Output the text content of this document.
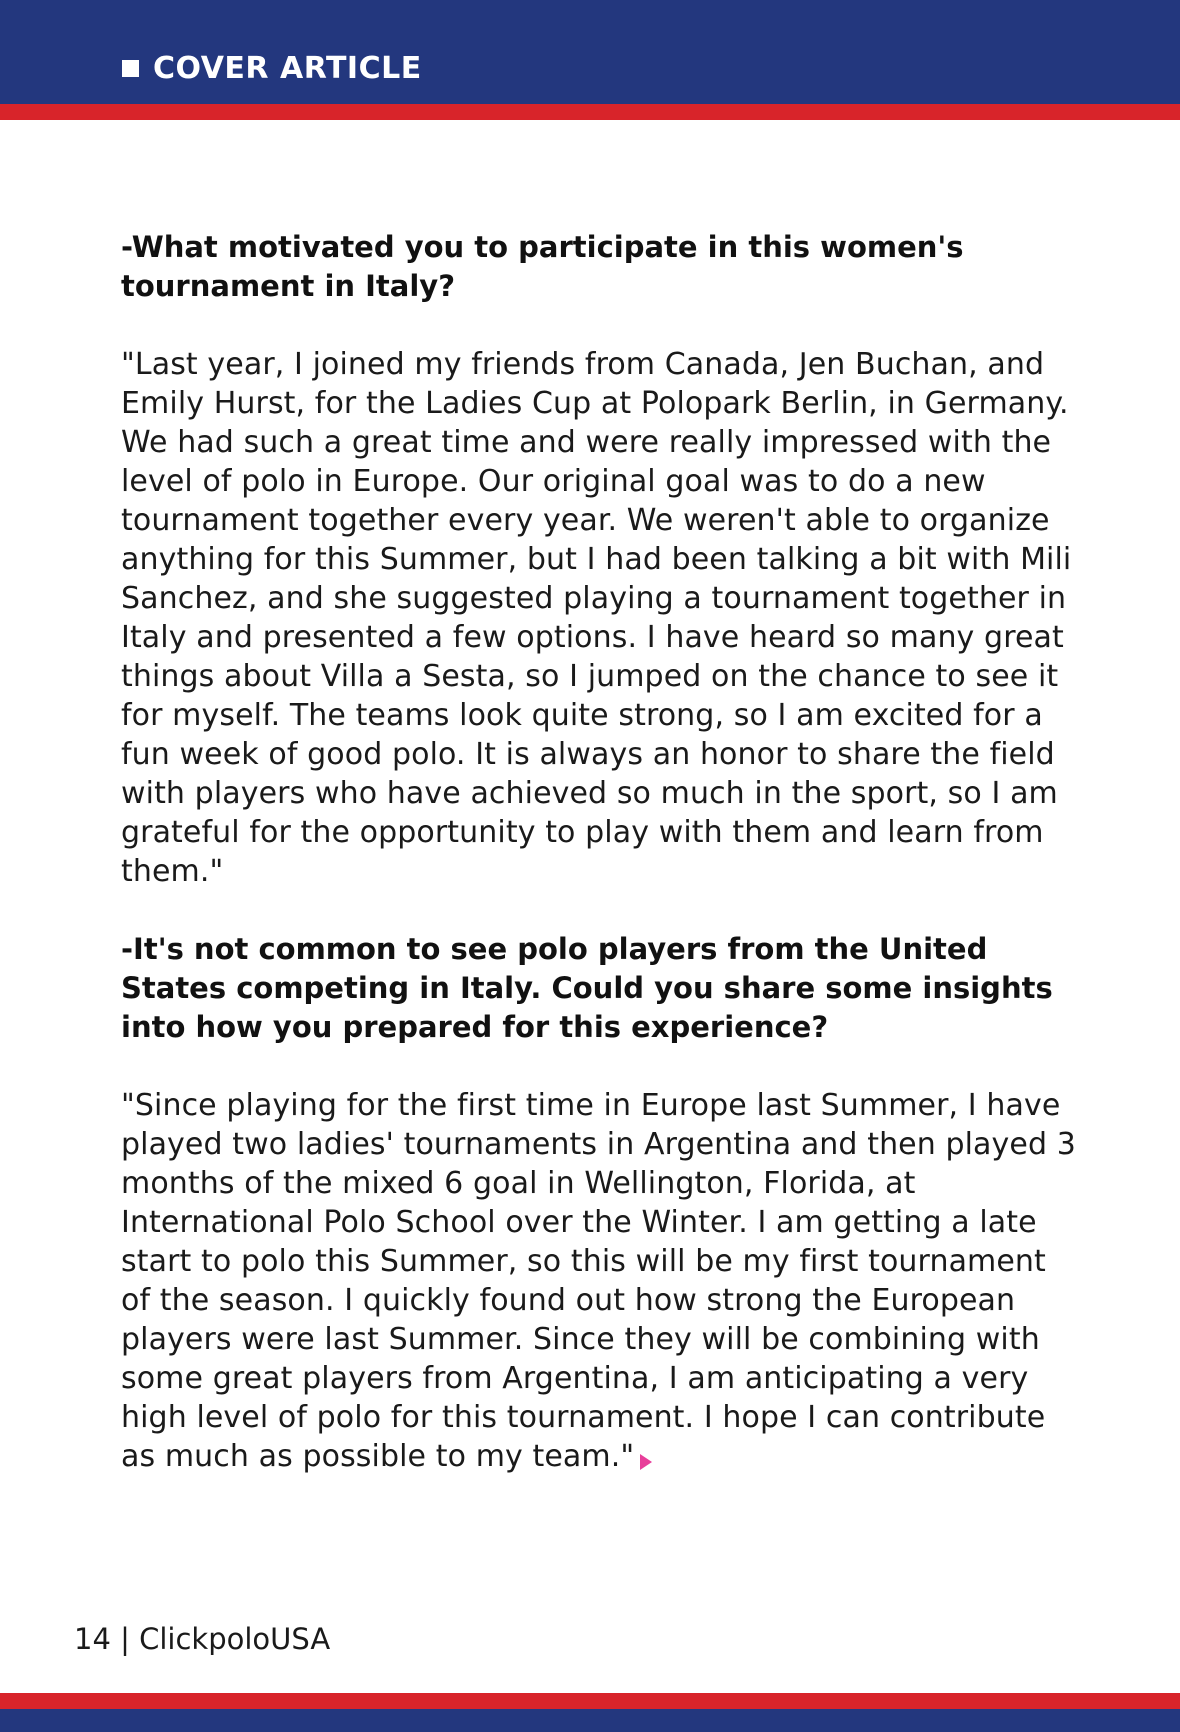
COVER ARTICLE

-What motivated you to participate in this women's tournament in Italy?

"Last year, I joined my friends from Canada, Jen Buchan, and Emily Hurst, for the Ladies Cup at Polopark Berlin, in Germany. We had such a great time and were really impressed with the level of polo in Europe. Our original goal was to do a new tournament together every year. We weren't able to organize anything for this Summer, but I had been talking a bit with Mili Sanchez, and she suggested playing a tournament together in Italy and presented a few options. I have heard so many great things about Villa a Sesta, so I jumped on the chance to see it for myself. The teams look quite strong, so I am excited for a fun week of good polo. It is always an honor to share the field with players who have achieved so much in the sport, so I am grateful for the opportunity to play with them and learn from them."

-It's not common to see polo players from the United States competing in Italy. Could you share some insights into how you prepared for this experience?

"Since playing for the first time in Europe last Summer, I have played two ladies' tournaments in Argentina and then played 3 months of the mixed 6 goal in Wellington, Florida, at International Polo School over the Winter. I am getting a late start to polo this Summer, so this will be my first tournament of the season. I quickly found out how strong the European players were last Summer. Since they will be combining with some great players from Argentina, I am anticipating a very high level of polo for this tournament. I hope I can contribute as much as possible to my team."

14 | ClickpoloUSA
